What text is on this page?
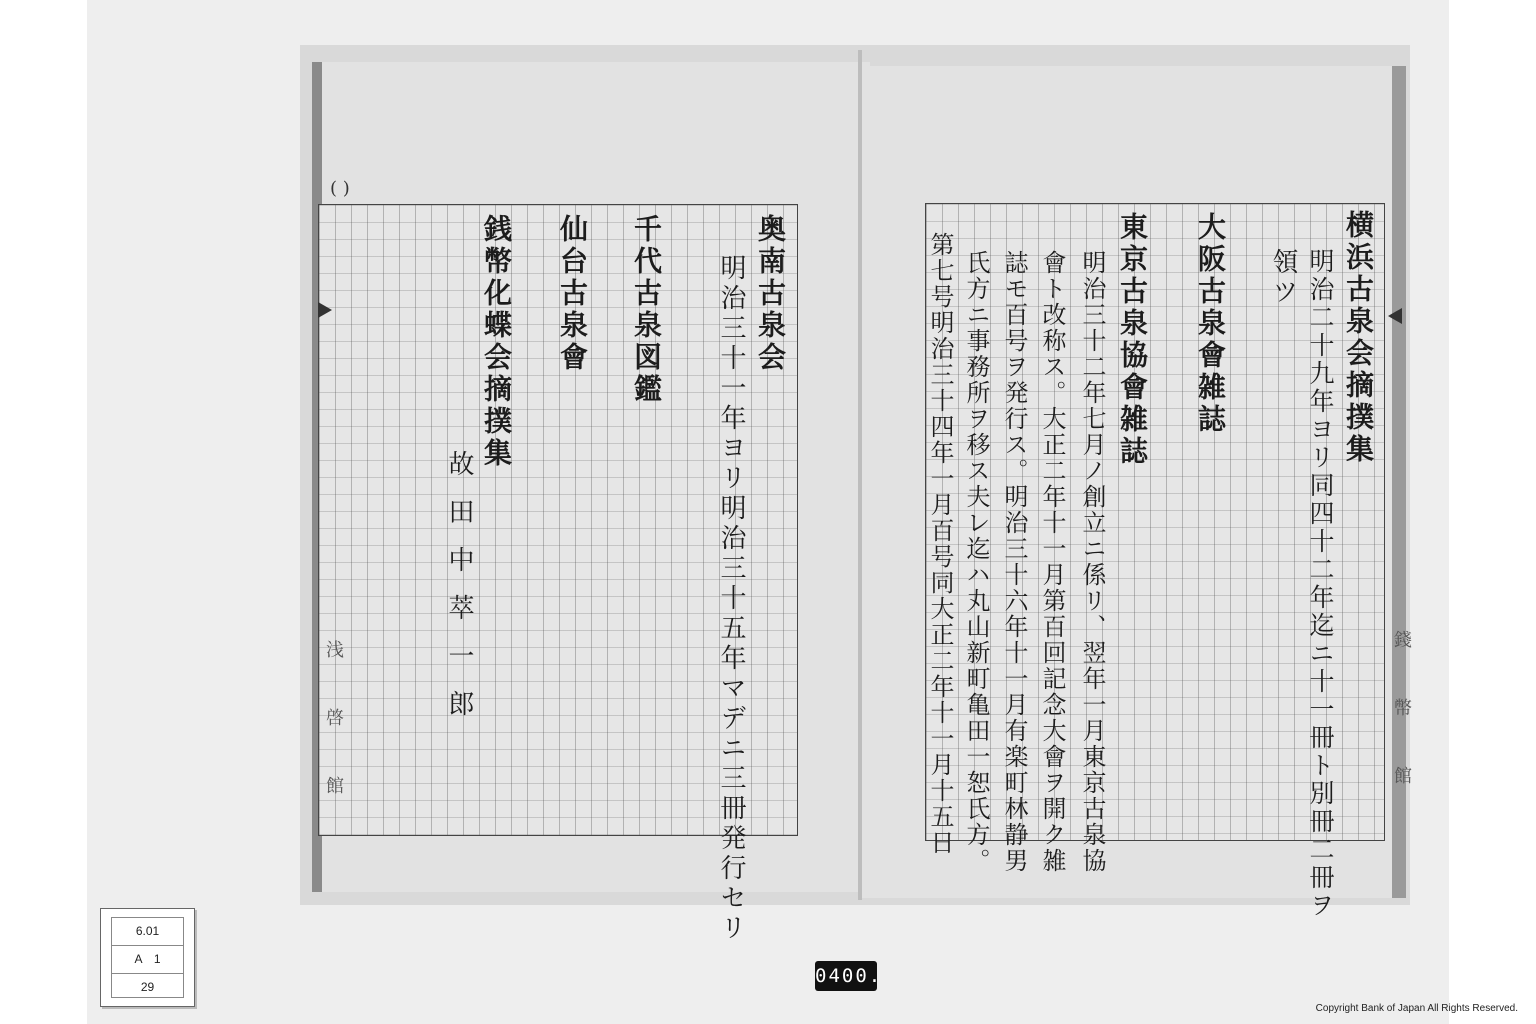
( )
奥南古泉会
明治三十一年ヨリ明治三十五年マデニ三冊発行セリ
千代古泉図鑑
仙台古泉會
銭幣化蝶会摘撲集
故田中萃一郎
浅啓館
横浜古泉会摘撲集
明治二十九年ヨリ同四十二年迄ニ十一冊ト別冊二冊ヲ
領ツ
大阪古泉會雑誌
東京古泉協會雑誌
明治三十二年七月ノ創立ニ係リ、翌年一月東京古泉協
會ト改称ス。大正二年十一月第百回記念大會ヲ開ク雑
誌モ百号ヲ発行ス。明治三十六年十一月有楽町林静男
氏方ニ事務所ヲ移ス夫レ迄ハ丸山新町亀田一恕氏方。
第七号明治三十四年一月百号同大正二年十一月十五日	錢幣館
6.01
A　1
29	0400.
Copyright Bank of Japan All Rights Reserved.
